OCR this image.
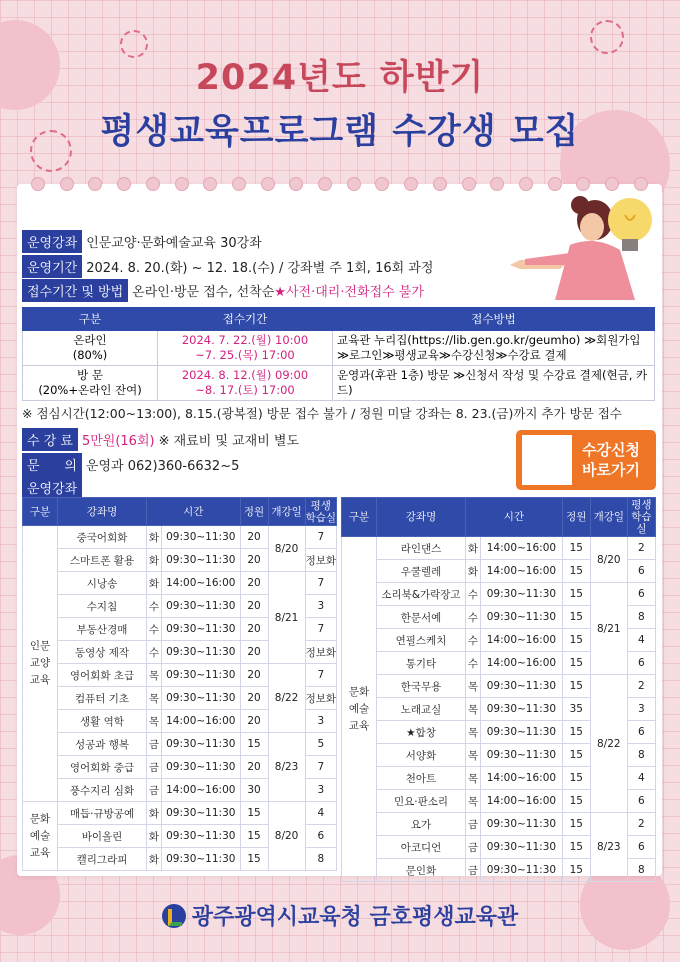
2024년도 하반기
평생교육프로그램 수강생 모집
운영강좌 인문교양·문화예술교육 30강좌
운영기간 2024. 8. 20.(화) ~ 12. 18.(수) / 강좌별 주 1회, 16회 과정
접수기간 및 방법 온라인·방문 접수, 선착순 ★사전·대리·전화접수 불가
구분	접수기간	접수방법
온라인
(80%)	2024. 7. 22.(월) 10:00
~7. 25.(목) 17:00	교육관 누리집(https://lib.gen.go.kr/geumho) ≫회원가입
≫로그인≫평생교육≫수강신청≫수강료 결제
방 문
(20%+온라인 잔여)	2024. 8. 12.(월) 09:00
~8. 17.(토) 17:00	운영과(후관 1층) 방문 ≫신청서 작성 및 수강료 결제(현금, 카드)
※ 점심시간(12:00~13:00), 8.15.(광복절) 방문 접수 불가 / 정원 미달 강좌는 8. 23.(금)까지 추가 방문 접수
수 강 료 5만원(16회) ※ 재료비 및 교재비 별도
문      의 운영과 062)360-6632~5
운영강좌
수강신청
바로가기
구분	강좌명	시간		정원	개강일	평생
학습실
인문
교양
교육	중국어회화	화	09:30~11:30	20	8/20	7
	스마트폰 활용	화	09:30~11:30	20		정보화
	시낭송	화	14:00~16:00	20	8/21	7
	수지침	수	09:30~11:30	20		3
	부동산경매	수	09:30~11:30	20		7
	동영상 제작	수	09:30~11:30	20		정보화
	영어회화 초급	목	09:30~11:30	20	8/22	7
	컴퓨터 기초	목	09:30~11:30	20		정보화
	생활 역학	목	14:00~16:00	20		3
	성공과 행복	금	09:30~11:30	15	8/23	5
	영어회화 중급	금	09:30~11:30	20		7
	풍수지리 심화	금	14:00~16:00	30		3
문화
예술
교육	매듭·규방공예	화	09:30~11:30	15	8/20	4
	바이올린	화	09:30~11:30	15		6
	캘리그라피	화	09:30~11:30	15		8
구분	강좌명	시간		정원	개강일	평생
학습실
문화
예술
교육	라인댄스	화	14:00~16:00	15	8/20	2
	우쿨렐레	화	14:00~16:00	15		6
	소리북&가락장고	수	09:30~11:30	15	8/21	6
	한문서예	수	09:30~11:30	15		8
	연필스케치	수	14:00~16:00	15		4
	통기타	수	14:00~16:00	15		6
	한국무용	목	09:30~11:30	15	8/22	2
	노래교실	목	09:30~11:30	35		3
	★합창	목	09:30~11:30	15		6
	서양화	목	09:30~11:30	15		8
	천아트	목	14:00~16:00	15		4
	민요·판소리	목	14:00~16:00	15		6
	요가	금	09:30~11:30	15	8/23	2
	아코디언	금	09:30~11:30	15		6
	문인화	금	09:30~11:30	15		8
광주광역시교육청 금호평생교육관
